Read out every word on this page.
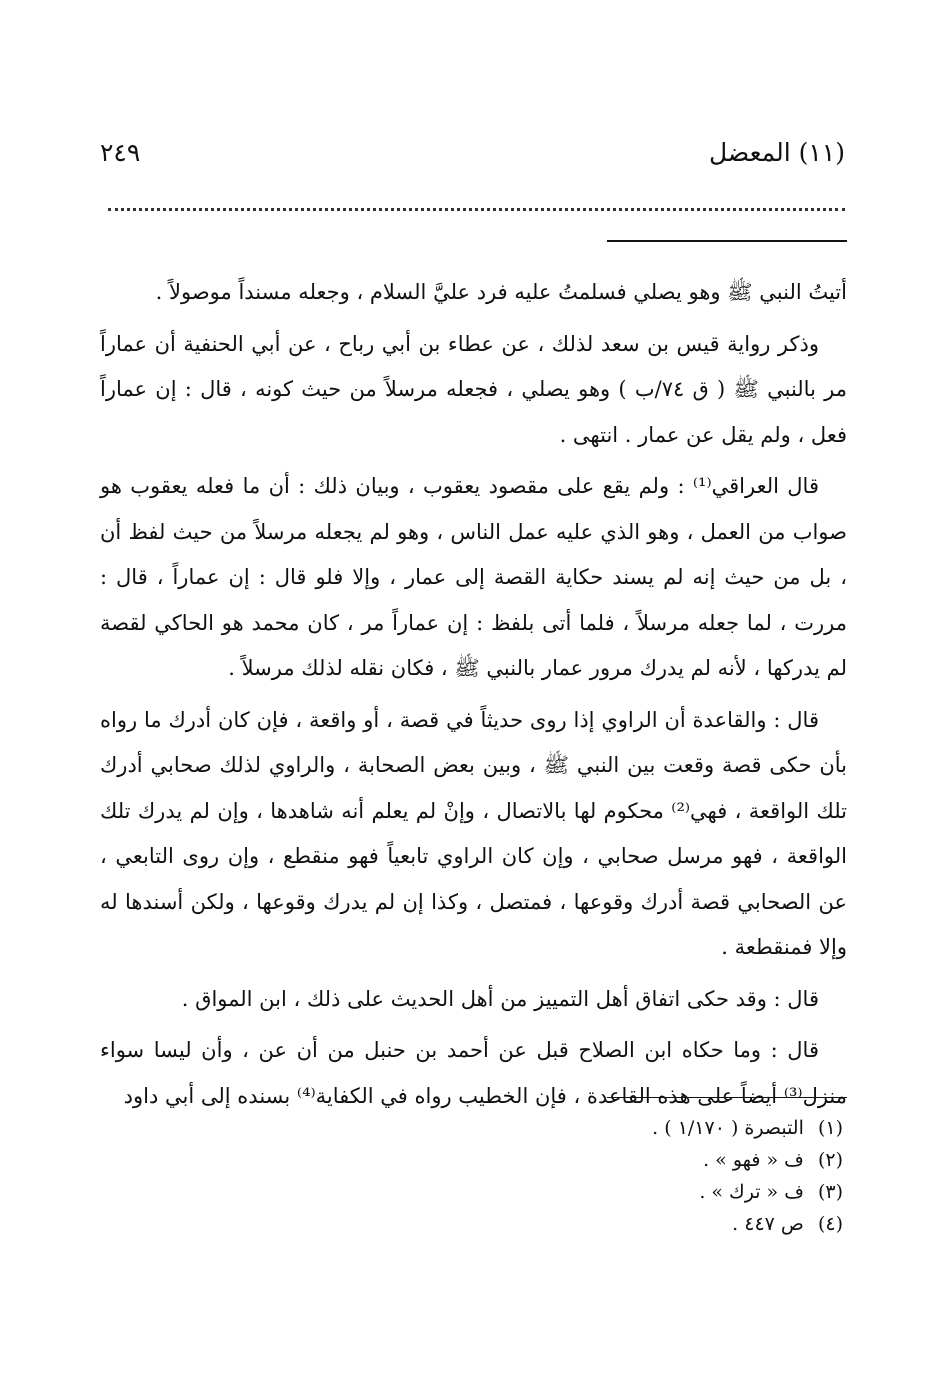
(١١) المعضل
٢٤٩

أتيتُ النبي ﷺ وهو يصلي فسلمتُ عليه فرد عليَّ السلام ، وجعله مسنداً موصولاً .

وذكر رواية قيس بن سعد لذلك ، عن عطاء بن أبي رباح ، عن أبي الحنفية أن عماراً مر بالنبي ﷺ ( ق ٧٤/ب ) وهو يصلي ، فجعله مرسلاً من حيث كونه ، قال : إن عماراً فعل ، ولم يقل عن عمار . انتهى .

قال العراقي⁽¹⁾ : ولم يقع على مقصود يعقوب ، وبيان ذلك : أن ما فعله يعقوب هو صواب من العمل ، وهو الذي عليه عمل الناس ، وهو لم يجعله مرسلاً من حيث لفظ أن ، بل من حيث إنه لم يسند حكاية القصة إلى عمار ، وإلا فلو قال : إن عماراً ، قال : مررت ، لما جعله مرسلاً ، فلما أتى بلفظ : إن عماراً مر ، كان محمد هو الحاكي لقصة لم يدركها ، لأنه لم يدرك مرور عمار بالنبي ﷺ ، فكان نقله لذلك مرسلاً .

قال : والقاعدة أن الراوي إذا روى حديثاً في قصة ، أو واقعة ، فإن كان أدرك ما رواه بأن حكى قصة وقعت بين النبي ﷺ ، وبين بعض الصحابة ، والراوي لذلك صحابي أدرك تلك الواقعة ، فهي⁽²⁾ محكوم لها بالاتصال ، وإنْ لم يعلم أنه شاهدها ، وإن لم يدرك تلك الواقعة ، فهو مرسل صحابي ، وإن كان الراوي تابعياً فهو منقطع ، وإن روى التابعي ، عن الصحابي قصة أدرك وقوعها ، فمتصل ، وكذا إن لم يدرك وقوعها ، ولكن أسندها له وإلا فمنقطعة .

قال : وقد حكى اتفاق أهل التمييز من أهل الحديث على ذلك ، ابن المواق .

قال : وما حكاه ابن الصلاح قبل عن أحمد بن حنبل من أن عن ، وأن ليسا سواء منزل⁽³⁾ أيضاً على هذه القاعدة ، فإن الخطيب رواه في الكفاية⁽⁴⁾ بسنده إلى أبي داود

(١) التبصرة ( ١/١٧٠ ) .
(٢) ف « فهو » .
(٣) ف « ترك » .
(٤) ص ٤٤٧ .
